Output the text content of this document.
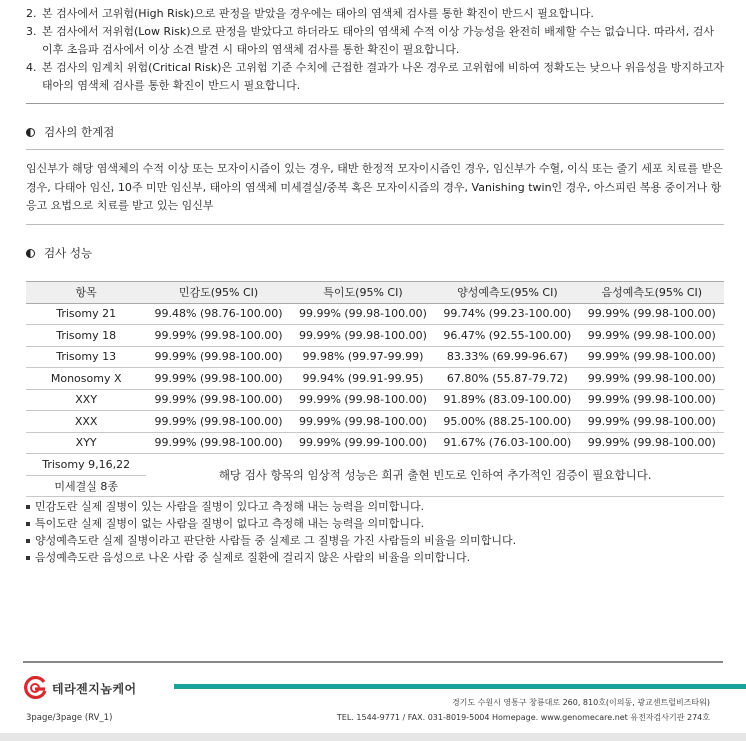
2. 본 검사에서 고위험(High Risk)으로 판정을 받았을 경우에는 태아의 염색체 검사를 통한 확진이 반드시 필요합니다.
3. 본 검사에서 저위험(Low Risk)으로 판정을 받았다고 하더라도 태아의 염색체 수적 이상 가능성을 완전히 배제할 수는 없습니다. 따라서, 검사 이후 초음파 검사에서 이상 소견 발견 시 태아의 염색체 검사를 통한 확진이 필요합니다.
4. 본 검사의 임계치 위험(Critical Risk)은 고위험 기준 수치에 근접한 결과가 나온 경우로 고위험에 비하여 정확도는 낮으나 위음성을 방지하고자 태아의 염색체 검사를 통한 확진이 반드시 필요합니다.
검사의 한계점
임신부가 해당 염색체의 수적 이상 또는 모자이시즘이 있는 경우, 태반 한정적 모자이시즘인 경우, 임신부가 수혈, 이식 또는 줄기 세포 치료를 받은 경우, 다태아 임신, 10주 미만 임신부, 태아의 염색체 미세결실/중복 혹은 모자이시즘의 경우, Vanishing twin인 경우, 아스피린 복용 중이거나 항 응고 요법으로 치료를 받고 있는 임신부
검사 성능
항목	민감도(95% CI)	특이도(95% CI)	양성예측도(95% CI)	음성예측도(95% CI)
Trisomy 21	99.48% (98.76-100.00)	99.99% (99.98-100.00)	99.74% (99.23-100.00)	99.99% (99.98-100.00)
Trisomy 18	99.99% (99.98-100.00)	99.99% (99.98-100.00)	96.47% (92.55-100.00)	99.99% (99.98-100.00)
Trisomy 13	99.99% (99.98-100.00)	99.98% (99.97-99.99)	83.33% (69.99-96.67)	99.99% (99.98-100.00)
Monosomy X	99.99% (99.98-100.00)	99.94% (99.91-99.95)	67.80% (55.87-79.72)	99.99% (99.98-100.00)
XXY	99.99% (99.98-100.00)	99.99% (99.98-100.00)	91.89% (83.09-100.00)	99.99% (99.98-100.00)
XXX	99.99% (99.98-100.00)	99.99% (99.98-100.00)	95.00% (88.25-100.00)	99.99% (99.98-100.00)
XYY	99.99% (99.98-100.00)	99.99% (99.99-100.00)	91.67% (76.03-100.00)	99.99% (99.98-100.00)
Trisomy 9,16,22	해당 검사 항목의 임상적 성능은 희귀 출현 빈도로 인하여 추가적인 검증이 필요합니다.			
미세결실 8종				
민감도란 실제 질병이 있는 사람을 질병이 있다고 측정해 내는 능력을 의미합니다.
특이도란 실제 질병이 없는 사람을 질병이 없다고 측정해 내는 능력을 의미합니다.
양성예측도란 실제 질병이라고 판단한 사람들 중 실제로 그 질병을 가진 사람들의 비율을 의미합니다.
음성예측도란 음성으로 나온 사람 중 실제로 질환에 걸리지 않은 사람의 비율을 의미합니다.
테라젠지놈케어
경기도 수원시 영통구 창룡대로 260, 810호(이의동, 광교센트럴비즈타워)
TEL. 1544-9771 / FAX. 031-8019-5004 Homepage. www.genomecare.net 유전자검사기관 274호
3page/3page (RV_1)
